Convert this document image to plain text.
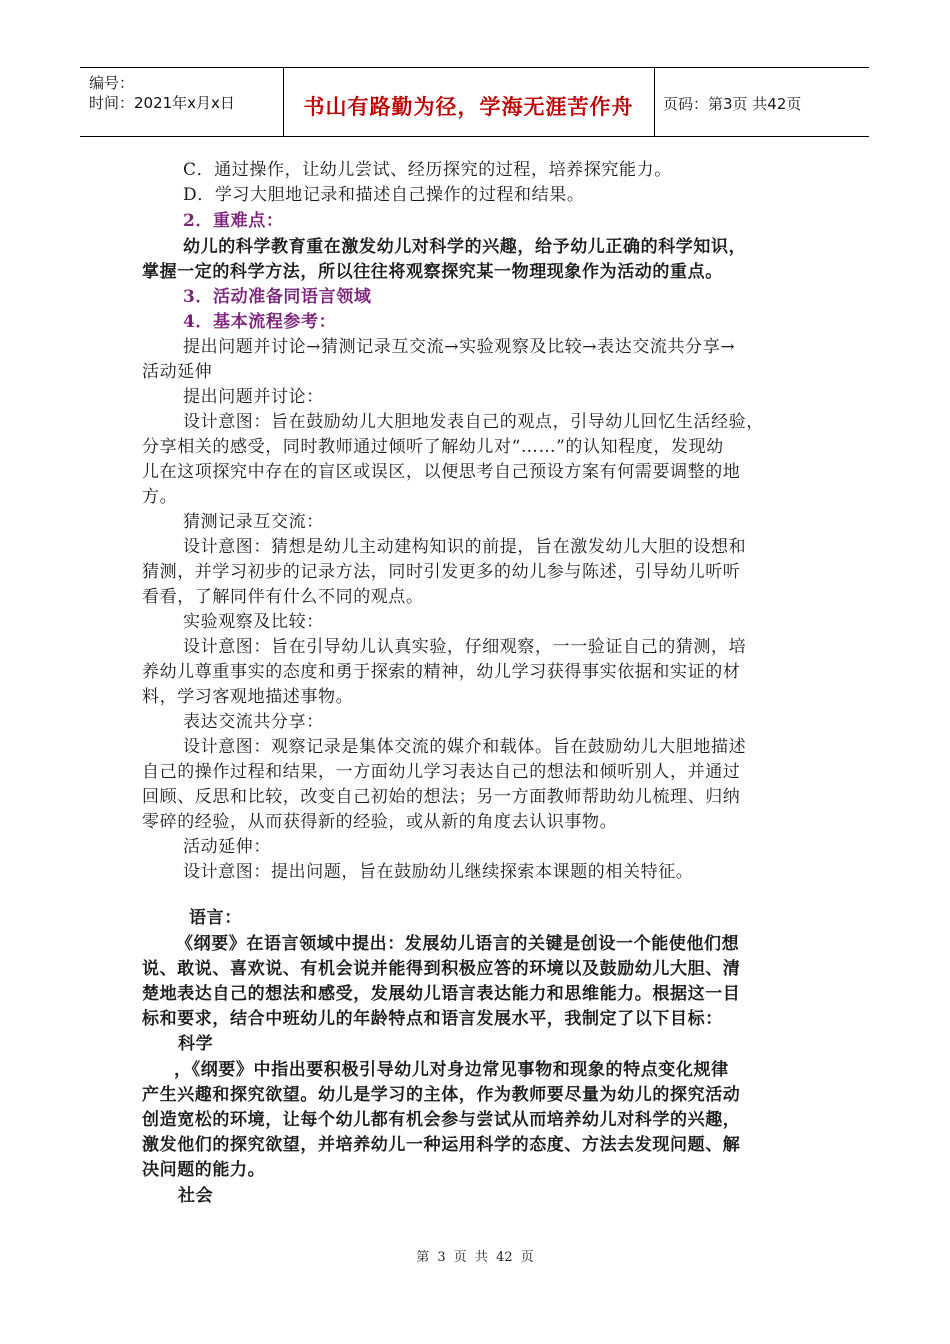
编号：
时间：2021年x月x日	书山有路勤为径，学海无涯苦作舟	页码：第3页 共42页
C．通过操作，让幼儿尝试、经历探究的过程，培养探究能力。
D．学习大胆地记录和描述自己操作的过程和结果。
2．重难点：
幼儿的科学教育重在激发幼儿对科学的兴趣，给予幼儿正确的科学知识，
掌握一定的科学方法，所以往往将观察探究某一物理现象作为活动的重点。
3．活动准备同语言领域
4．基本流程参考：
提出问题并讨论→猜测记录互交流→实验观察及比较→表达交流共分享→
活动延伸
提出问题并讨论：
设计意图：旨在鼓励幼儿大胆地发表自己的观点，引导幼儿回忆生活经验，
分享相关的感受，同时教师通过倾听了解幼儿对“……”的认知程度，发现幼
儿在这项探究中存在的盲区或误区，以便思考自己预设方案有何需要调整的地
方。
猜测记录互交流：
设计意图：猜想是幼儿主动建构知识的前提，旨在激发幼儿大胆的设想和
猜测，并学习初步的记录方法，同时引发更多的幼儿参与陈述，引导幼儿听听
看看，了解同伴有什么不同的观点。
实验观察及比较：
设计意图：旨在引导幼儿认真实验，仔细观察，一一验证自己的猜测，培
养幼儿尊重事实的态度和勇于探索的精神，幼儿学习获得事实依据和实证的材
料，学习客观地描述事物。
表达交流共分享：
设计意图：观察记录是集体交流的媒介和载体。旨在鼓励幼儿大胆地描述
自己的操作过程和结果，一方面幼儿学习表达自己的想法和倾听别人，并通过
回顾、反思和比较，改变自己初始的想法；另一方面教师帮助幼儿梳理、归纳
零碎的经验，从而获得新的经验，或从新的角度去认识事物。
活动延伸：
设计意图：提出问题，旨在鼓励幼儿继续探索本课题的相关特征。
语言：
《纲要》在语言领域中提出：发展幼儿语言的关键是创设一个能使他们想
说、敢说、喜欢说、有机会说并能得到积极应答的环境以及鼓励幼儿大胆、清
楚地表达自己的想法和感受，发展幼儿语言表达能力和思维能力。根据这一目
标和要求，结合中班幼儿的年龄特点和语言发展水平，我制定了以下目标：
科学
，《纲要》中指出要积极引导幼儿对身边常见事物和现象的特点变化规律
产生兴趣和探究欲望。幼儿是学习的主体，作为教师要尽量为幼儿的探究活动
创造宽松的环境，让每个幼儿都有机会参与尝试从而培养幼儿对科学的兴趣，
激发他们的探究欲望，并培养幼儿一种运用科学的态度、方法去发现问题、解
决问题的能力。
社会
第 3 页 共 42 页
